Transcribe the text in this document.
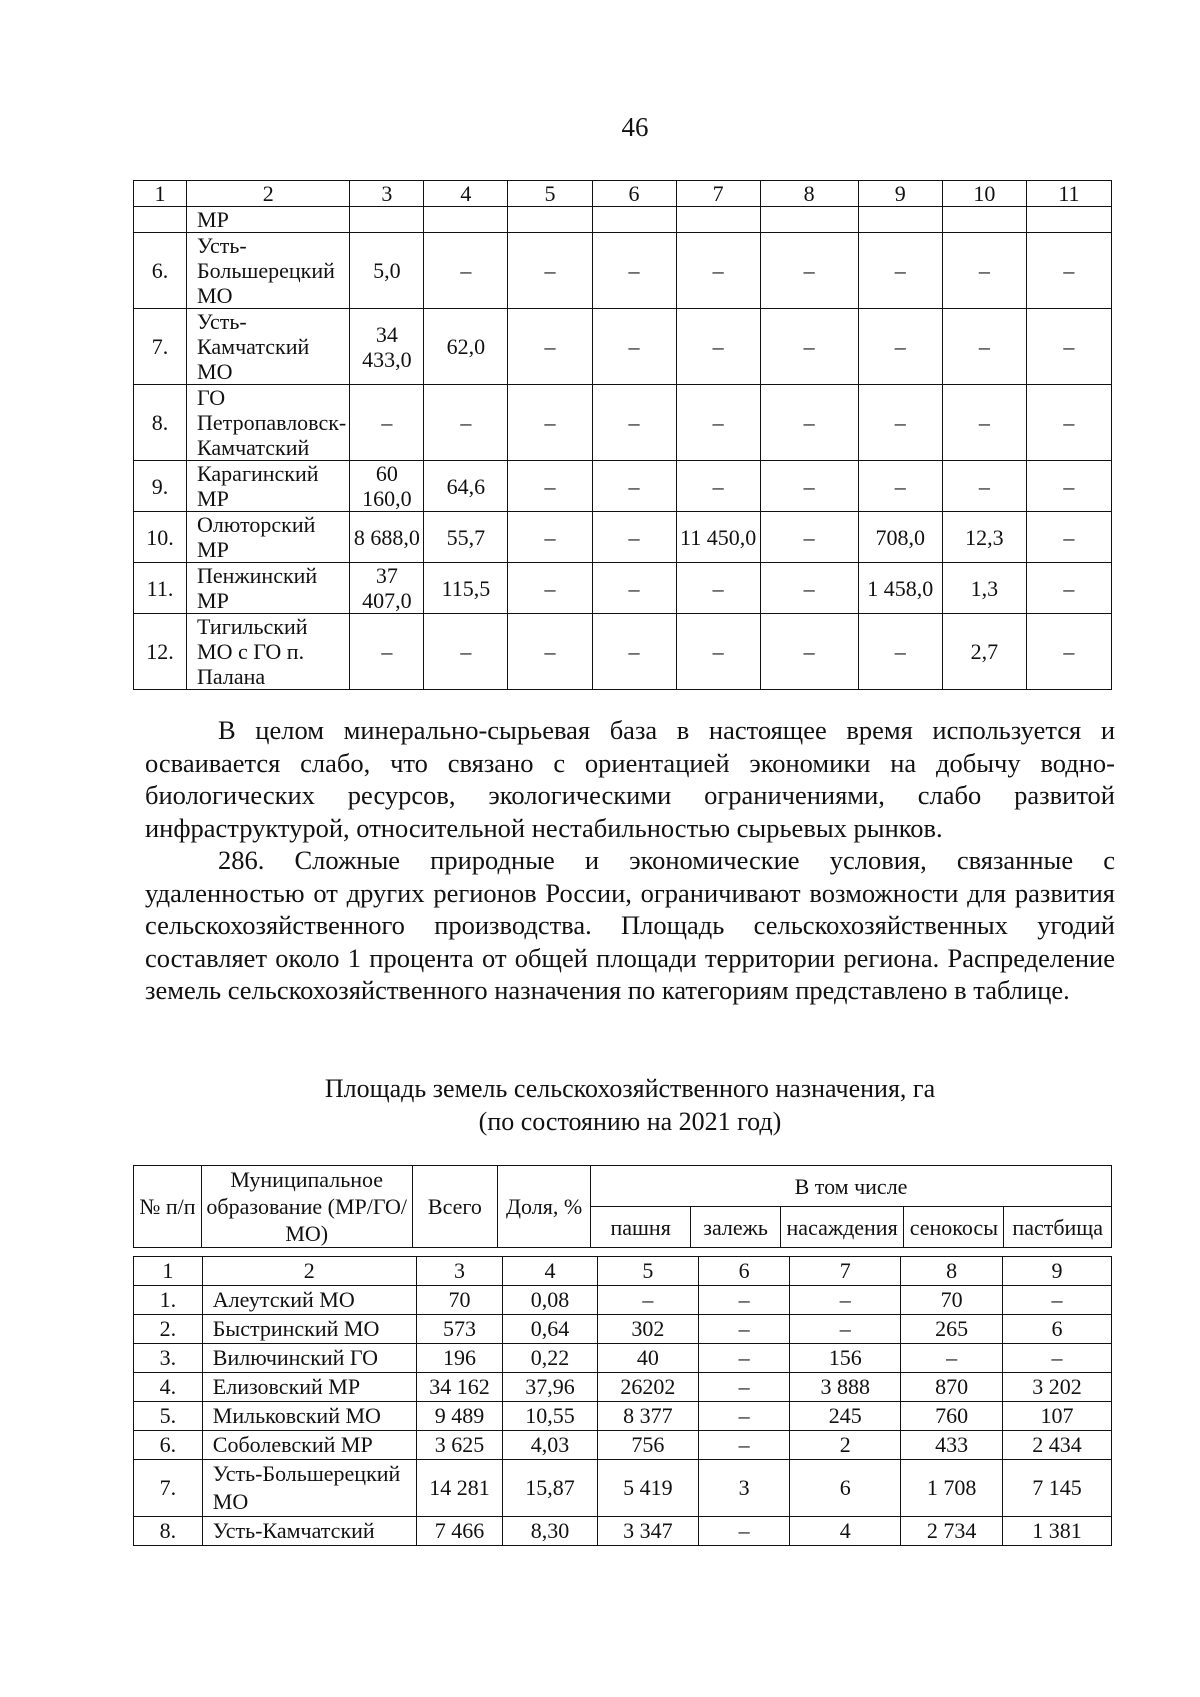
46
1	2	3	4	5	6	7	8	9	10	11
	МР									
6.	Усть-Большерецкий МО	5,0	–	–	–	–	–	–	–	–
7.	Усть-Камчатский МО	34 433,0	62,0	–	–	–	–	–	–	–
8.	ГО Петропавловск-Камчатский	–	–	–	–	–	–	–	–	–
9.	Карагинский МР	60 160,0	64,6	–	–	–	–	–	–	–
10.	Олюторский МР	8 688,0	55,7	–	–	11 450,0	–	708,0	12,3	–
11.	Пенжинский МР	37 407,0	115,5	–	–	–	–	1 458,0	1,3	–
12.	Тигильский МО с ГО п. Палана	–	–	–	–	–	–	–	2,7	–

В целом минерально-сырьевая база в настоящее время используется и осваивается слабо, что связано с ориентацией экономики на добычу водно-биологических ресурсов, экологическими ограничениями, слабо развитой инфраструктурой, относительной нестабильностью сырьевых рынков.

286. Сложные природные и экономические условия, связанные с удаленностью от других регионов России, ограничивают возможности для развития сельскохозяйственного производства. Площадь сельскохозяйственных угодий составляет около 1 процента от общей площади территории региона. Распределение земель сельскохозяйственного назначения по категориям представлено в таблице.

Площадь земель сельскохозяйственного назначения, га
(по состоянию на 2021 год)
№ п/п	Муниципальное образование (МР/ГО/МО)	Всего	Доля, %	В том числе				
				пашня	залежь	насаждения	сенокосы	пастбища
1	2	3	4	5	6	7	8	9
1.	Алеутский МО	70	0,08	–	–	–	70	–
2.	Быстринский МО	573	0,64	302	–	–	265	6
3.	Вилючинский ГО	196	0,22	40	–	156	–	–
4.	Елизовский МР	34 162	37,96	26202	–	3 888	870	3 202
5.	Мильковский МО	9 489	10,55	8 377	–	245	760	107
6.	Соболевский МР	3 625	4,03	756	–	2	433	2 434
7.	Усть-Большерецкий МО	14 281	15,87	5 419	3	6	1 708	7 145
8.	Усть-Камчатский	7 466	8,30	3 347	–	4	2 734	1 381
